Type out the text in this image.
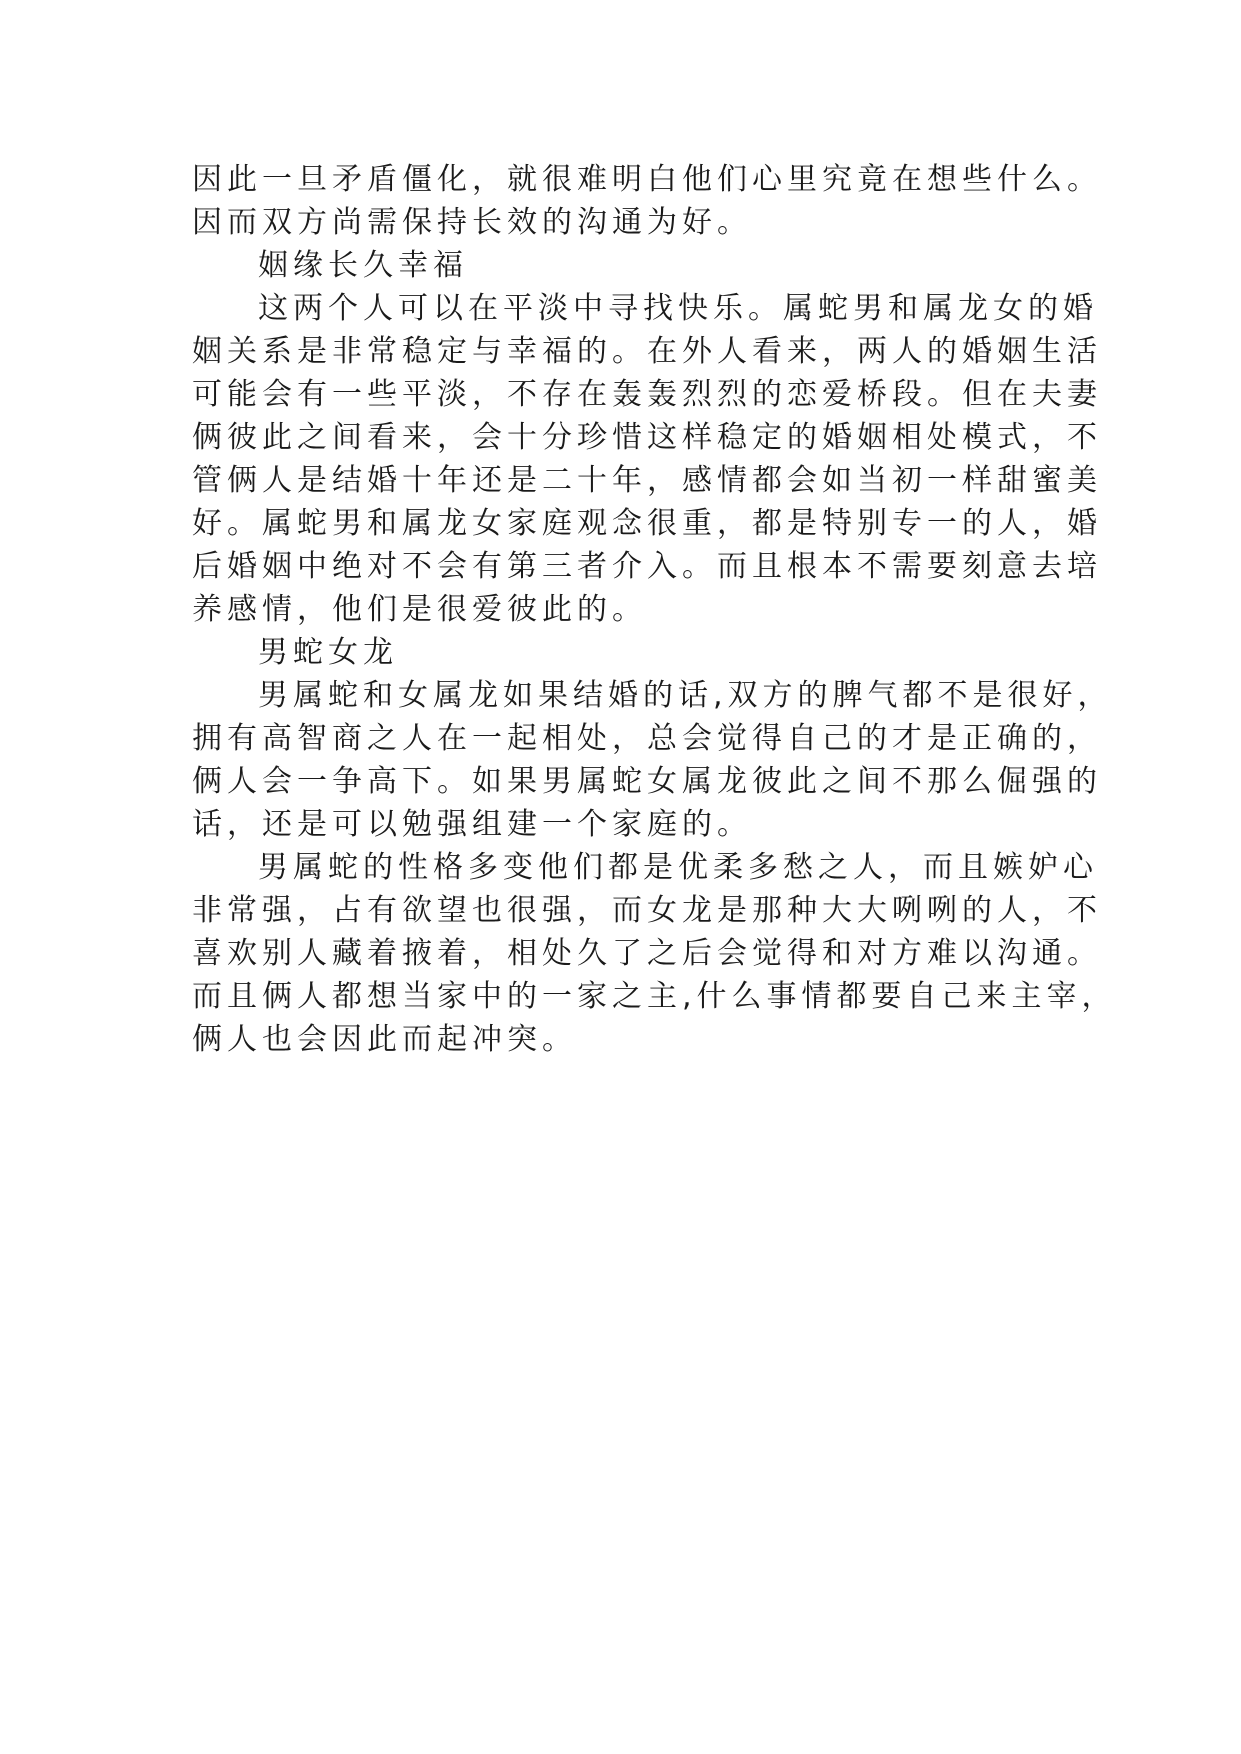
因此一旦矛盾僵化，就很难明白他们心里究竟在想些什么。
因而双方尚需保持长效的沟通为好。
姻缘长久幸福
这两个人可以在平淡中寻找快乐。属蛇男和属龙女的婚
姻关系是非常稳定与幸福的。在外人看来，两人的婚姻生活
可能会有一些平淡，不存在轰轰烈烈的恋爱桥段。但在夫妻
俩彼此之间看来，会十分珍惜这样稳定的婚姻相处模式，不
管俩人是结婚十年还是二十年，感情都会如当初一样甜蜜美
好。属蛇男和属龙女家庭观念很重，都是特别专一的人，婚
后婚姻中绝对不会有第三者介入。而且根本不需要刻意去培
养感情，他们是很爱彼此的。
男蛇女龙
男属蛇和女属龙如果结婚的话,双方的脾气都不是很好，
拥有高智商之人在一起相处，总会觉得自己的才是正确的，
俩人会一争高下。如果男属蛇女属龙彼此之间不那么倔强的
话，还是可以勉强组建一个家庭的。
男属蛇的性格多变他们都是优柔多愁之人，而且嫉妒心
非常强，占有欲望也很强，而女龙是那种大大咧咧的人，不
喜欢别人藏着掖着，相处久了之后会觉得和对方难以沟通。
而且俩人都想当家中的一家之主,什么事情都要自己来主宰，
俩人也会因此而起冲突。
